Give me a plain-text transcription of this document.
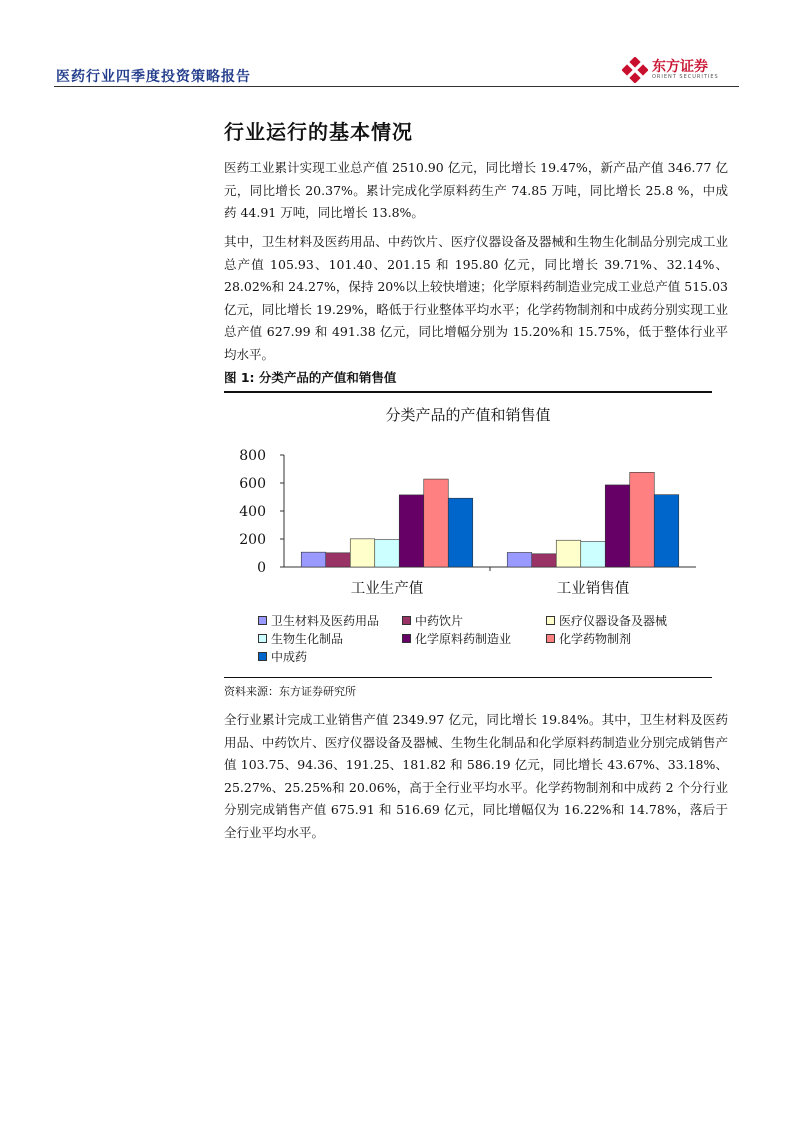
医药行业四季度投资策略报告
东方证券
ORIENT SECURITIES
行业运行的基本情况
医药工业累计实现工业总产值 2510.90 亿元，同比增长 19.47%，新产品产值 346.77 亿元，同比增长 20.37%。累计完成化学原料药生产 74.85 万吨，同比增长 25.8 %，中成药 44.91 万吨，同比增长 13.8%。
其中，卫生材料及医药用品、中药饮片、医疗仪器设备及器械和生物生化制品分别完成工业总产值 105.93、101.40、201.15 和 195.80 亿元，同比增长 39.71%、32.14%、28.02%和 24.27%，保持 20%以上较快增速；化学原料药制造业完成工业总产值 515.03 亿元，同比增长 19.29%，略低于行业整体平均水平；化学药物制剂和中成药分别实现工业总产值 627.99 和 491.38 亿元，同比增幅分别为 15.20%和 15.75%，低于整体行业平均水平。
图 1: 分类产品的产值和销售值
分类产品的产值和销售值
0
200
400
600
800
工业生产值	工业销售值
卫生材料及医药用品	中药饮片	医疗仪器设备及器械
生物生化制品	化学原料药制造业	化学药物制剂
中成药
资料来源：东方证券研究所
全行业累计完成工业销售产值 2349.97 亿元，同比增长 19.84%。其中，卫生材料及医药用品、中药饮片、医疗仪器设备及器械、生物生化制品和化学原料药制造业分别完成销售产值 103.75、94.36、191.25、181.82 和 586.19 亿元，同比增长 43.67%、33.18%、25.27%、25.25%和 20.06%，高于全行业平均水平。化学药物制剂和中成药 2 个分行业分别完成销售产值 675.91 和 516.69 亿元，同比增幅仅为 16.22%和 14.78%，落后于全行业平均水平。
